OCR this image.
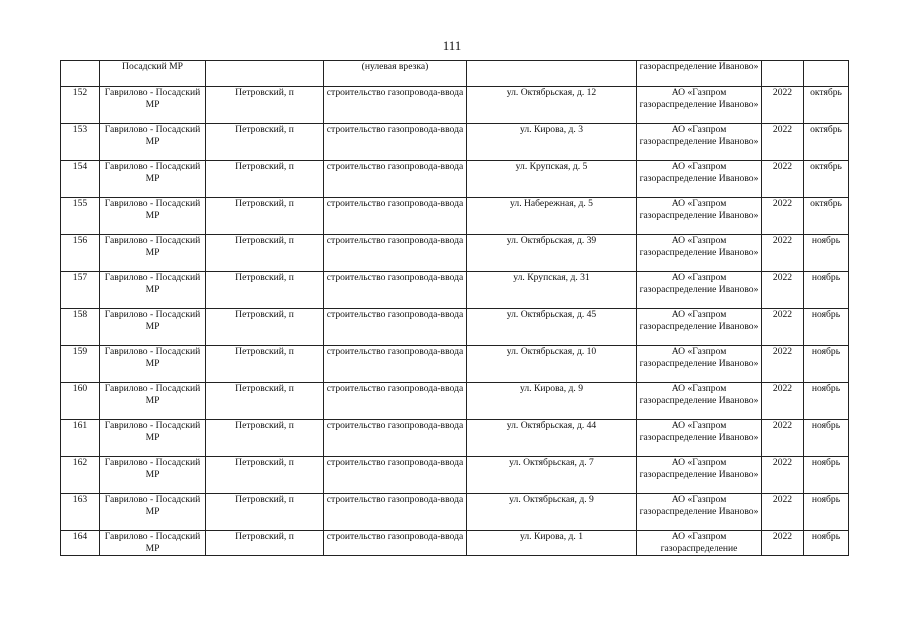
111
	Посадский МР		(нулевая врезка)		газораспределение Иваново»		
152	Гаврилово - Посадский МР	Петровский, п	строительство газопровода-ввода	ул. Октябрьская, д. 12	АО «Газпром газораспределение Иваново»	2022	октябрь
153	Гаврилово - Посадский МР	Петровский, п	строительство газопровода-ввода	ул. Кирова, д. 3	АО «Газпром газораспределение Иваново»	2022	октябрь
154	Гаврилово - Посадский МР	Петровский, п	строительство газопровода-ввода	ул. Крупская, д. 5	АО «Газпром газораспределение Иваново»	2022	октябрь
155	Гаврилово - Посадский МР	Петровский, п	строительство газопровода-ввода	ул. Набережная, д. 5	АО «Газпром газораспределение Иваново»	2022	октябрь
156	Гаврилово - Посадский МР	Петровский, п	строительство газопровода-ввода	ул. Октябрьская, д. 39	АО «Газпром газораспределение Иваново»	2022	ноябрь
157	Гаврилово - Посадский МР	Петровский, п	строительство газопровода-ввода	ул. Крупская, д. 31	АО «Газпром газораспределение Иваново»	2022	ноябрь
158	Гаврилово - Посадский МР	Петровский, п	строительство газопровода-ввода	ул. Октябрьская, д. 45	АО «Газпром газораспределение Иваново»	2022	ноябрь
159	Гаврилово - Посадский МР	Петровский, п	строительство газопровода-ввода	ул. Октябрьская, д. 10	АО «Газпром газораспределение Иваново»	2022	ноябрь
160	Гаврилово - Посадский МР	Петровский, п	строительство газопровода-ввода	ул. Кирова, д. 9	АО «Газпром газораспределение Иваново»	2022	ноябрь
161	Гаврилово - Посадский МР	Петровский, п	строительство газопровода-ввода	ул. Октябрьская, д. 44	АО «Газпром газораспределение Иваново»	2022	ноябрь
162	Гаврилово - Посадский МР	Петровский, п	строительство газопровода-ввода	ул. Октябрьская, д. 7	АО «Газпром газораспределение Иваново»	2022	ноябрь
163	Гаврилово - Посадский МР	Петровский, п	строительство газопровода-ввода	ул. Октябрьская, д. 9	АО «Газпром газораспределение Иваново»	2022	ноябрь
164	Гаврилово - Посадский МР	Петровский, п	строительство газопровода-ввода	ул. Кирова, д. 1	АО «Газпром газораспределение	2022	ноябрь
